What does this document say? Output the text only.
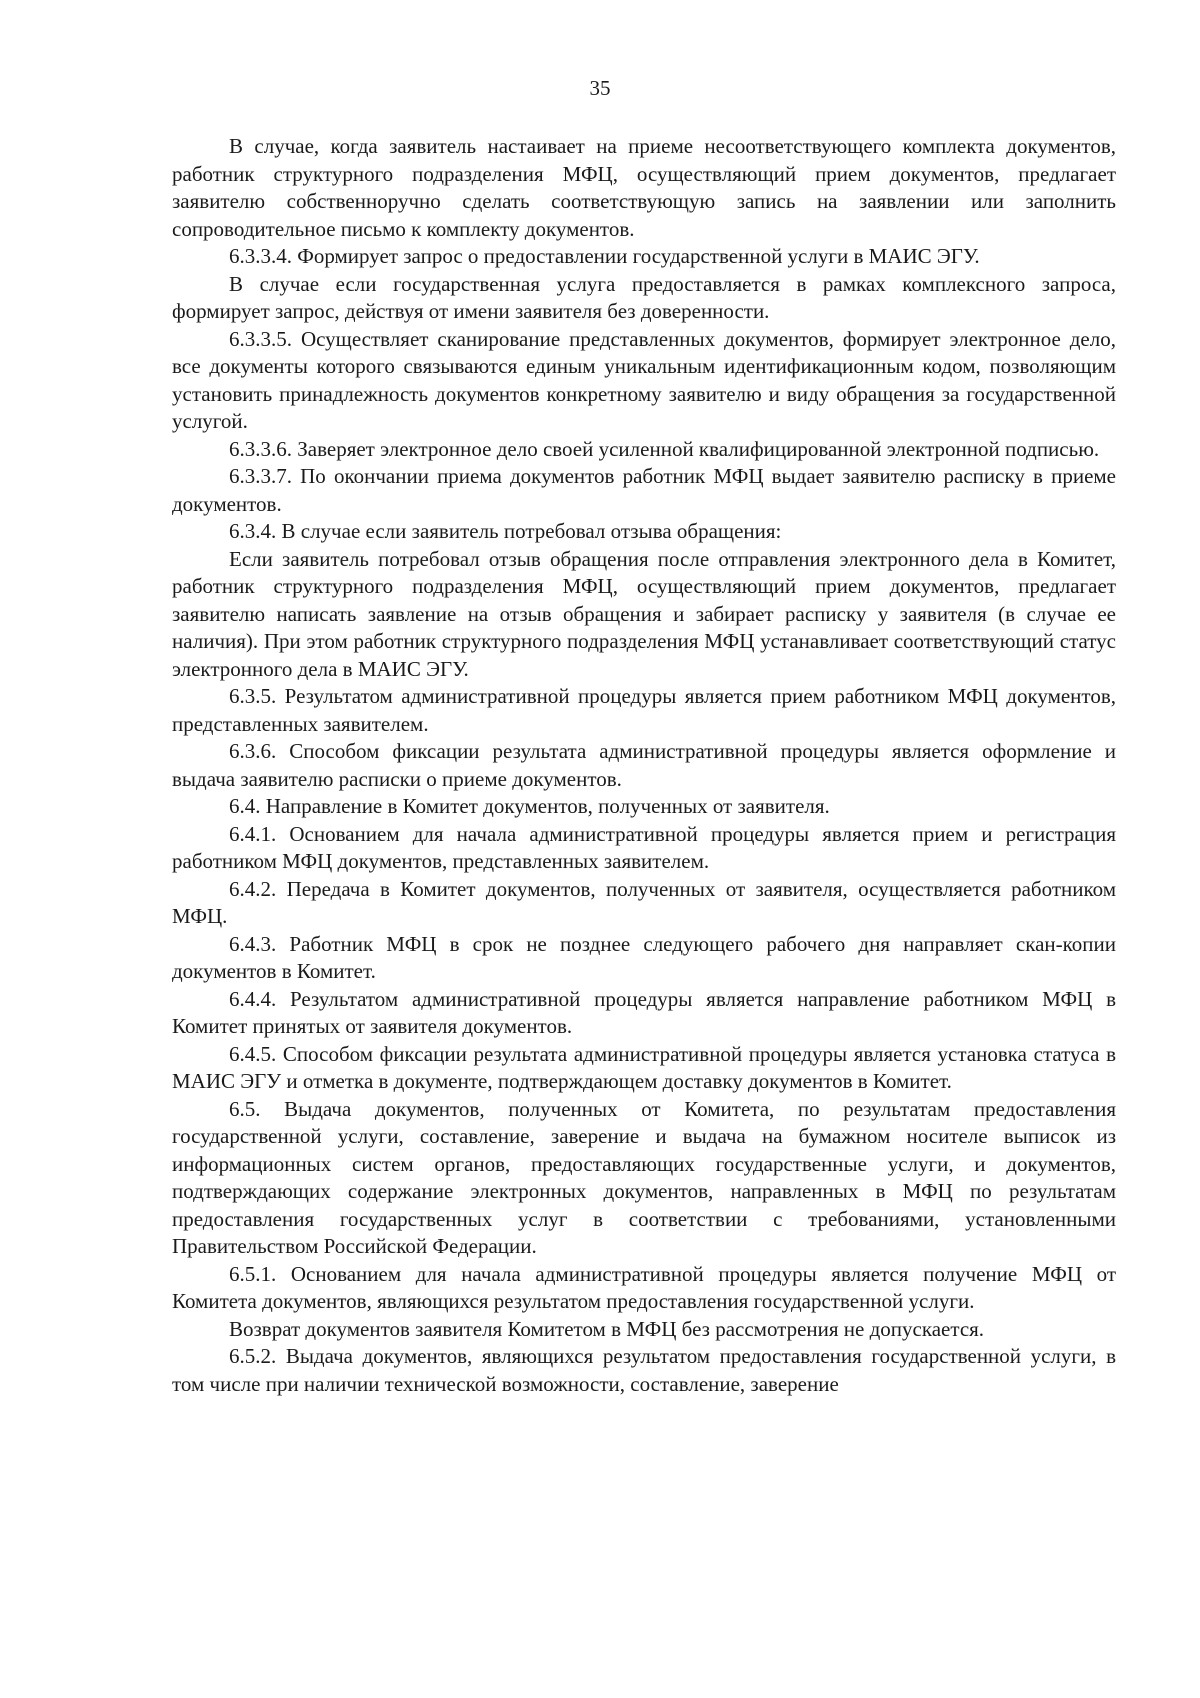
35

В случае, когда заявитель настаивает на приеме несоответствующего комплекта документов, работник структурного подразделения МФЦ, осуществляющий прием документов, предлагает заявителю собственноручно сделать соответствующую запись на заявлении или заполнить сопроводительное письмо к комплекту документов.

6.3.3.4. Формирует запрос о предоставлении государственной услуги в МАИС ЭГУ.

В случае если государственная услуга предоставляется в рамках комплексного запроса, формирует запрос, действуя от имени заявителя без доверенности.

6.3.3.5. Осуществляет сканирование представленных документов, формирует электронное дело, все документы которого связываются единым уникальным идентификационным кодом, позволяющим установить принадлежность документов конкретному заявителю и виду обращения за государственной услугой.

6.3.3.6. Заверяет электронное дело своей усиленной квалифицированной электронной подписью.

6.3.3.7. По окончании приема документов работник МФЦ выдает заявителю расписку в приеме документов.

6.3.4. В случае если заявитель потребовал отзыва обращения:

Если заявитель потребовал отзыв обращения после отправления электронного дела в Комитет, работник структурного подразделения МФЦ, осуществляющий прием документов, предлагает заявителю написать заявление на отзыв обращения и забирает расписку у заявителя (в случае ее наличия). При этом работник структурного подразделения МФЦ устанавливает соответствующий статус электронного дела в МАИС ЭГУ.

6.3.5. Результатом административной процедуры является прием работником МФЦ документов, представленных заявителем.

6.3.6. Способом фиксации результата административной процедуры является оформление и выдача заявителю расписки о приеме документов.

6.4. Направление в Комитет документов, полученных от заявителя.

6.4.1. Основанием для начала административной процедуры является прием и регистрация работником МФЦ документов, представленных заявителем.

6.4.2. Передача в Комитет документов, полученных от заявителя, осуществляется работником МФЦ.

6.4.3. Работник МФЦ в срок не позднее следующего рабочего дня направляет скан-копии документов в Комитет.

6.4.4. Результатом административной процедуры является направление работником МФЦ в Комитет принятых от заявителя документов.

6.4.5. Способом фиксации результата административной процедуры является установка статуса в МАИС ЭГУ и отметка в документе, подтверждающем доставку документов в Комитет.

6.5. Выдача документов, полученных от Комитета, по результатам предоставления государственной услуги, составление, заверение и выдача на бумажном носителе выписок из информационных систем органов, предоставляющих государственные услуги, и документов, подтверждающих содержание электронных документов, направленных в МФЦ по результатам предоставления государственных услуг в соответствии с требованиями, установленными Правительством Российской Федерации.

6.5.1. Основанием для начала административной процедуры является получение МФЦ от Комитета документов, являющихся результатом предоставления государственной услуги.

Возврат документов заявителя Комитетом в МФЦ без рассмотрения не допускается.

6.5.2. Выдача документов, являющихся результатом предоставления государственной услуги, в том числе при наличии технической возможности, составление, заверение
